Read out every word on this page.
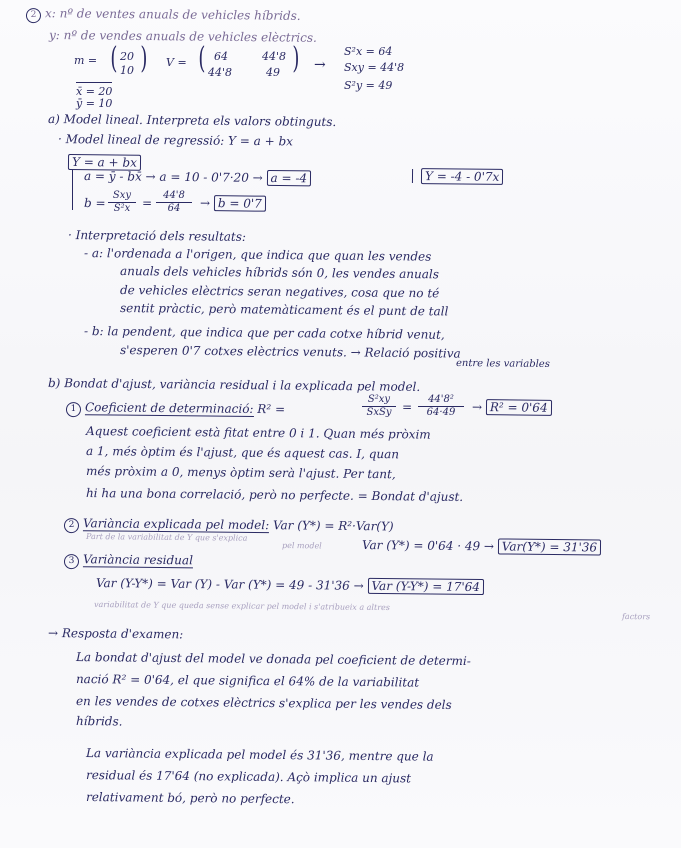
2 x: nº de ventes anuals de vehicles híbrids.
y: nº de vendes anuals de vehicles elèctrics.
m = ( 20
10 ) V = ( 64	44'8
44'8	49 ) →
S²x = 64
Sxy = 44'8
S²y = 49
x̄ = 20
ȳ = 10
a) Model lineal. Interpreta els valors obtinguts.
· Model lineal de regressió: Y = a + bx
Y = a + bx
a = ȳ - bx̄ → a = 10 - 0'7·20 → a = -4	Y = -4 - 0'7x
b =
Sxy
$S^2x = \frac{44'8}{64} \to b = 0'7$
· Interpretació dels resultats:
- a: l'ordenada a l'origen, que indica que quan les vendes
anuals dels vehicles híbrids són 0, les vendes anuals
de vehicles elèctrics seran negatives, cosa que no té
sentit pràctic, però matemàticament és el punt de tall
- b: la pendent, que indica que per cada cotxe híbrid venut,
s'esperen 0'7 cotxes elèctrics venuts. → Relació positiva
entre les variables
b) Bondat d'ajust, variància residual i la explicada pel model.
1 Coeficient de determinació: R² =
S²xy
SxSy = $\frac{\text{44'8²}}{64\cdot 49} \to R^2 = 0'64$
Aquest coeficient està fitat entre 0 i 1. Quan més pròxim
a 1, més òptim és l'ajust, que és aquest cas. I, quan
més pròxim a 0, menys òptim serà l'ajust. Per tant,
hi ha una bona correlació, però no perfecte. = Bondat d'ajust.
2 Variància explicada pel model: Var (Y*) = R²·Var(Y)
Part de la variabilitat de Y que s'explica
pel model	Var (Y*) = 0'64 · 49 → Var(Y*) = 31'36
3 Variància residual
Var (Y-Y*) = Var (Y) - Var (Y*) = 49 - 31'36 → Var (Y-Y*) = 17'64
variabilitat de Y que queda sense explicar pel model i s'atribueix a altres
factors
→ Resposta d'examen:
La bondat d'ajust del model ve donada pel coeficient de determi-
nació R² = 0'64, el que significa el 64% de la variabilitat
en les vendes de cotxes elèctrics s'explica per les vendes dels
híbrids.
La variància explicada pel model és 31'36, mentre que la
residual és 17'64 (no explicada). Açò implica un ajust
relativament bó, però no perfecte.
